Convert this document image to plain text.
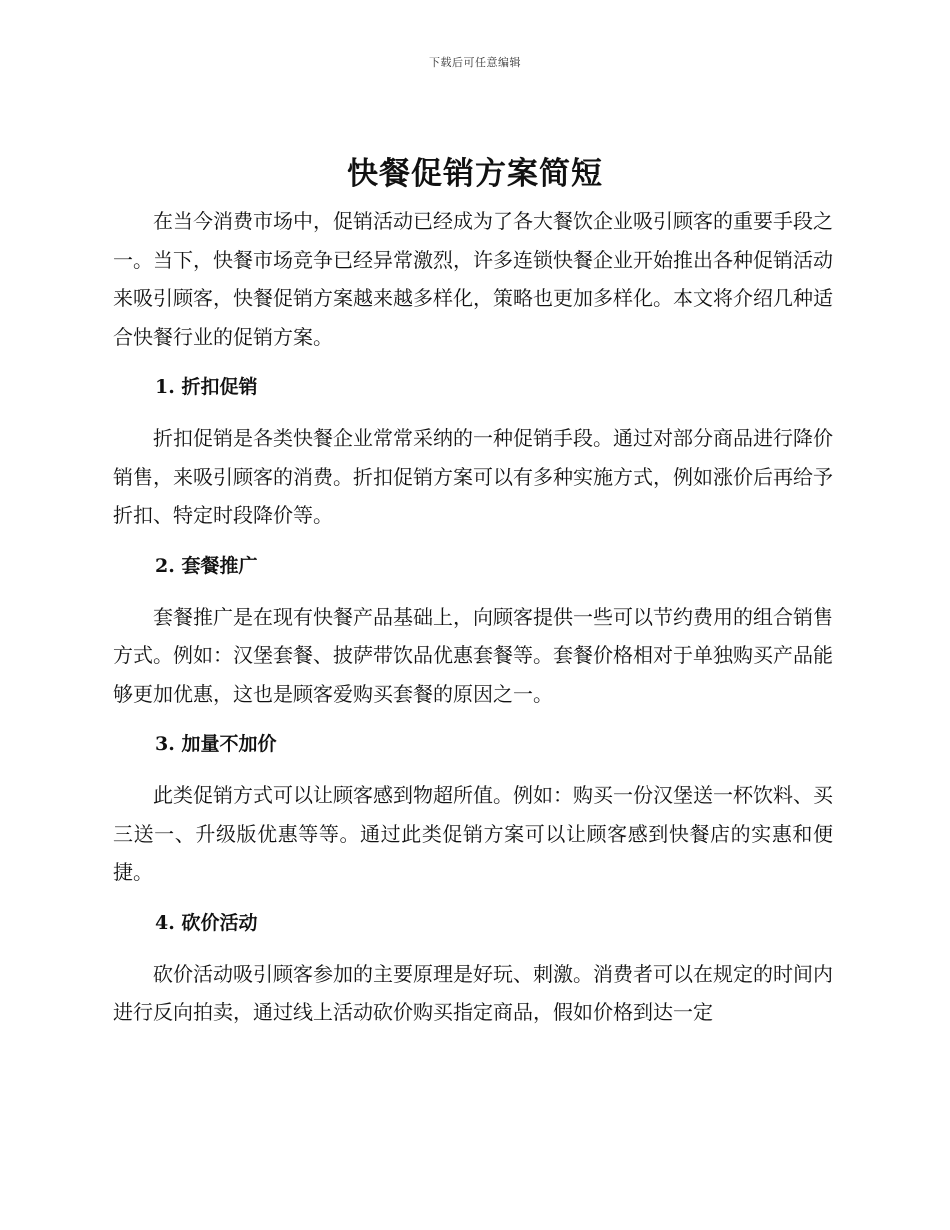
下载后可任意编辑
快餐促销方案简短

在当今消费市场中，促销活动已经成为了各大餐饮企业吸引顾客的重要手段之一。当下，快餐市场竞争已经异常激烈，许多连锁快餐企业开始推出各种促销活动来吸引顾客，快餐促销方案越来越多样化，策略也更加多样化。本文将介绍几种适合快餐行业的促销方案。

1. 折扣促销

折扣促销是各类快餐企业常常采纳的一种促销手段。通过对部分商品进行降价销售，来吸引顾客的消费。折扣促销方案可以有多种实施方式，例如涨价后再给予折扣、特定时段降价等。

2. 套餐推广

套餐推广是在现有快餐产品基础上，向顾客提供一些可以节约费用的组合销售方式。例如：汉堡套餐、披萨带饮品优惠套餐等。套餐价格相对于单独购买产品能够更加优惠，这也是顾客爱购买套餐的原因之一。

3. 加量不加价

此类促销方式可以让顾客感到物超所值。例如：购买一份汉堡送一杯饮料、买三送一、升级版优惠等等。通过此类促销方案可以让顾客感到快餐店的实惠和便捷。

4. 砍价活动

砍价活动吸引顾客参加的主要原理是好玩、刺激。消费者可以在规定的时间内进行反向拍卖，通过线上活动砍价购买指定商品，假如价格到达一定
